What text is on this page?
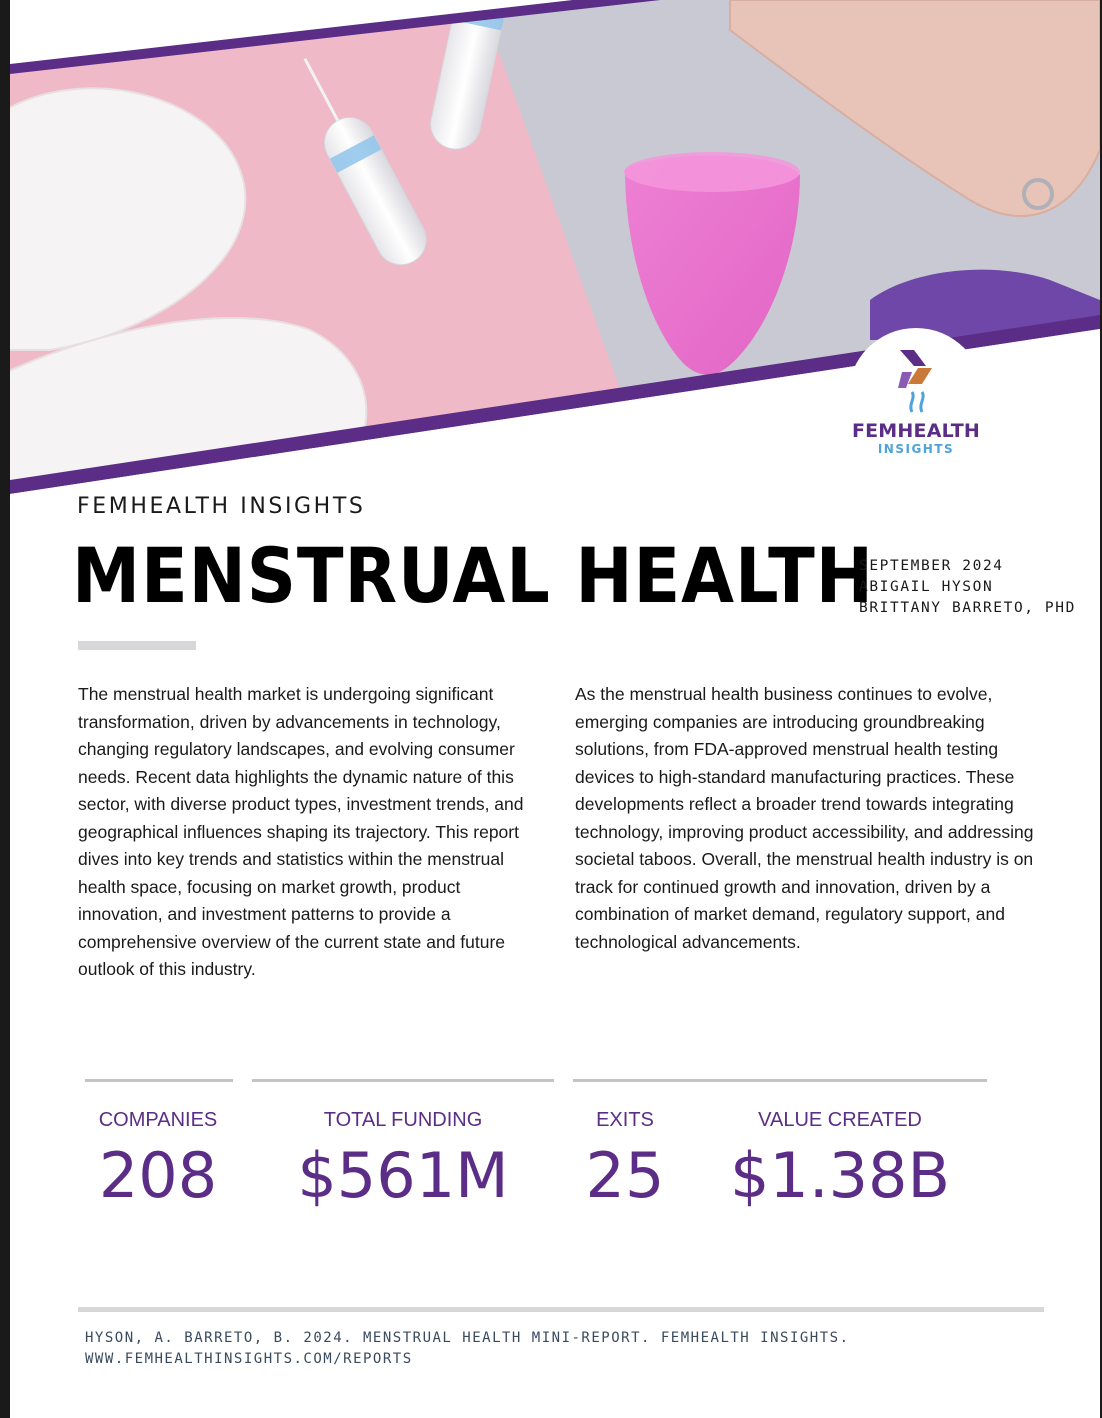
FEMHEALTH
INSIGHTS
FEMHEALTH INSIGHTS
MENSTRUAL HEALTH
SEPTEMBER 2024
ABIGAIL HYSON
BRITTANY BARRETO, PHD

The menstrual health market is undergoing significant transformation, driven by advancements in technology, changing regulatory landscapes, and evolving consumer needs. Recent data highlights the dynamic nature of this sector, with diverse product types, investment trends, and geographical influences shaping its trajectory. This report dives into key trends and statistics within the menstrual health space, focusing on market growth, product innovation, and investment patterns to provide a comprehensive overview of the current state and future outlook of this industry.

As the menstrual health business continues to evolve, emerging companies are introducing groundbreaking solutions, from FDA-approved menstrual health testing devices to high-standard manufacturing practices. These developments reflect a broader trend towards integrating technology, improving product accessibility, and addressing societal taboos. Overall, the menstrual health industry is on track for continued growth and innovation, driven by a combination of market demand, regulatory support, and technological advancements.

COMPANIES
208
TOTAL FUNDING
$561M
EXITS
25
VALUE CREATED
$1.38B
HYSON, A. BARRETO, B. 2024. MENSTRUAL HEALTH MINI-REPORT. FEMHEALTH INSIGHTS.
WWW.FEMHEALTHINSIGHTS.COM/REPORTS
